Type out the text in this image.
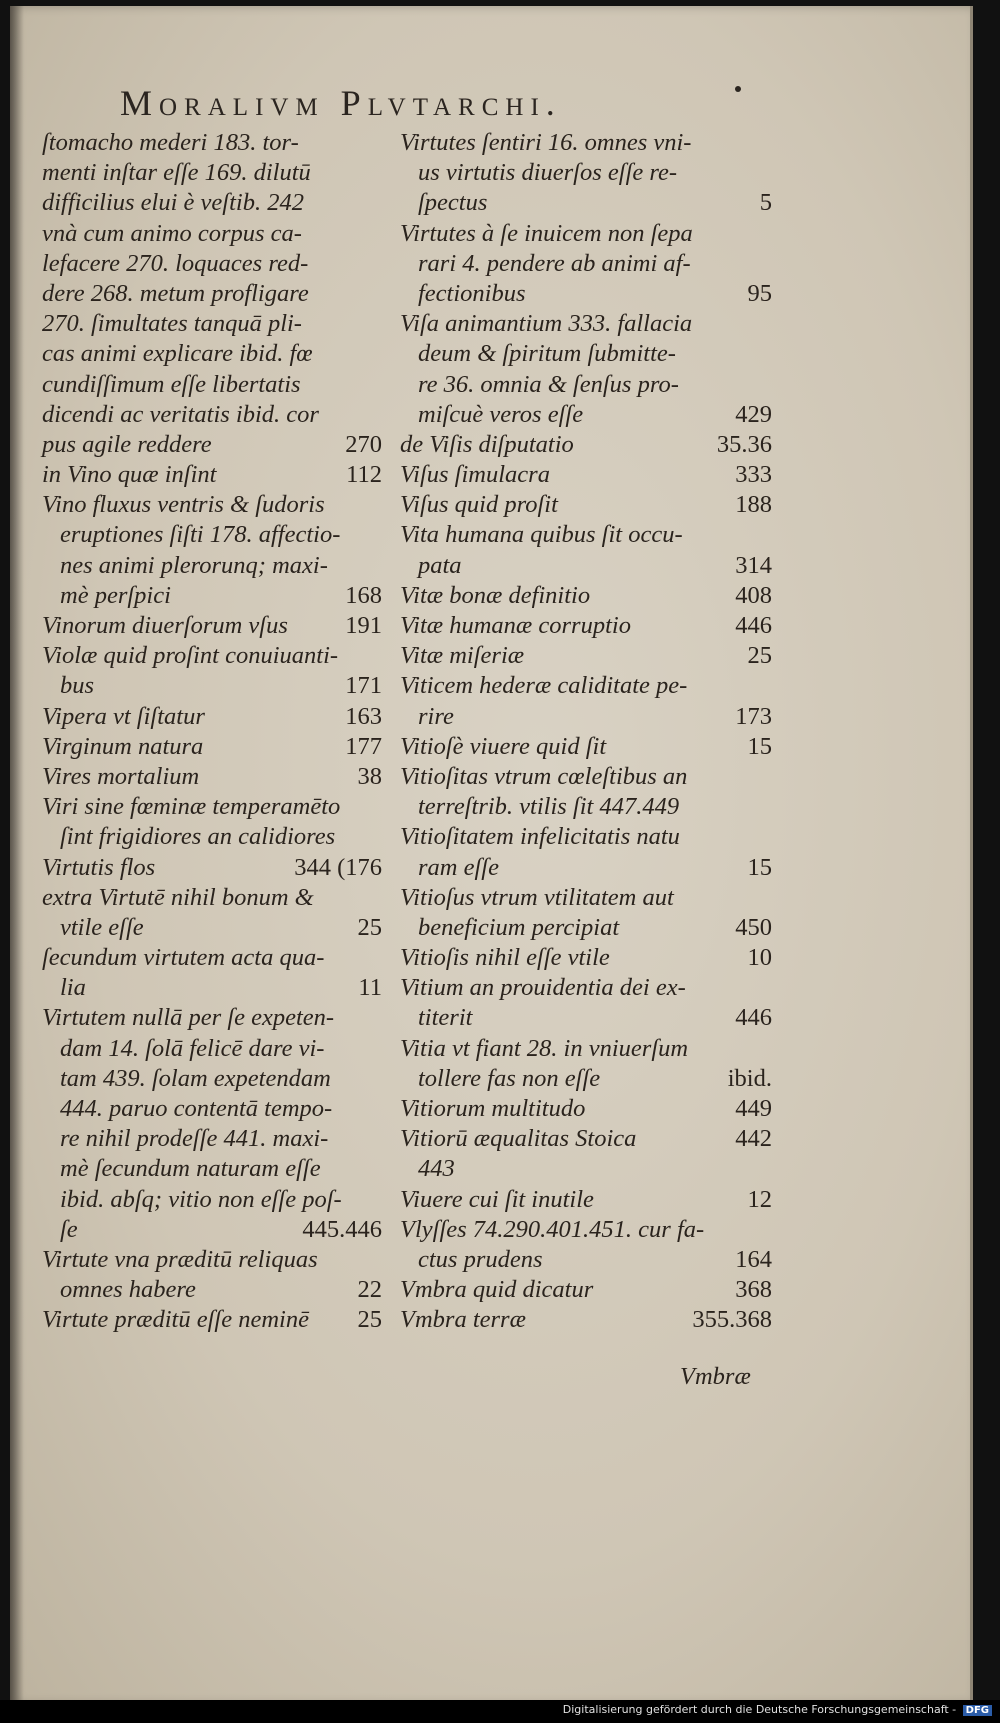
Moralivm Plvtarchi.
ſtomacho mederi 183. tor-
menti inſtar eſſe 169. dilutū
difficilius elui è veſtib. 242
vnà cum animo corpus ca-
lefacere 270. loquaces red-
dere 268. metum profligare
270. ſimultates tanquā pli-
cas animi explicare ibid. fœ
cundiſſimum eſſe libertatis
dicendi ac veritatis ibid. cor
pus agile reddere	270
in Vino quæ inſint	112
Vino fluxus ventris & ſudoris
eruptiones ſiſti 178. affectio-
nes animi plerorunq; maxi-
mè perſpici	168
Vinorum diuerſorum vſus 191
Violæ quid proſint conuiuanti-
bus	171
Vipera vt ſiſtatur	163
Virginum natura	177
Vires mortalium	38
Viri sine fœminæ temperamēto
ſint frigidiores an calidiores
Virtutis flos	344 (176
extra Virtutē nihil bonum &
vtile eſſe	25
ſecundum virtutem acta qua-
lia	11
Virtutem nullā per ſe expeten-
dam 14. ſolā felicē dare vi-
tam 439. ſolam expetendam
444. paruo contentā tempo-
re nihil prodeſſe 441. maxi-
mè ſecundum naturam eſſe
ibid. abſq; vitio non eſſe poſ-
ſe	445.446
Virtute vna præditū reliquas
omnes habere	22
Virtute præditū eſſe neminē 25
Virtutes ſentiri 16. omnes vni-
us virtutis diuerſos eſſe re-
ſpectus	5
Virtutes à ſe inuicem non ſepa
rari 4. pendere ab animi af-
fectionibus	95
Viſa animantium 333. fallacia
deum & ſpiritum ſubmitte-
re 36. omnia & ſenſus pro-
miſcuè veros eſſe	429
de Viſis diſputatio	35.36
Viſus ſimulacra	333
Viſus quid proſit	188
Vita humana quibus ſit occu-
pata	314
Vitæ bonæ definitio	408
Vitæ humanæ corruptio	446
Vitæ miſeriæ	25
Viticem hederæ caliditate pe-
rire	173
Vitioſè viuere quid ſit	15
Vitioſitas vtrum cœleſtibus an
terreſtrib. vtilis ſit 447.449
Vitioſitatem infelicitatis natu
ram eſſe	15
Vitioſus vtrum vtilitatem aut
beneficium percipiat	450
Vitioſis nihil eſſe vtile	10
Vitium an prouidentia dei ex-
titerit	446
Vitia vt fiant 28. in vniuerſum
tollere fas non eſſe	ibid.
Vitiorum multitudo	449
Vitiorū æqualitas Stoica	442
443
Viuere cui ſit inutile	12
Vlyſſes 74.290.401.451. cur fa-
ctus prudens	164
Vmbra quid dicatur	368
Vmbra terræ	355.368
Vmbræ
Digitalisierung gefördert durch die Deutsche Forschungsgemeinschaft - DFG
